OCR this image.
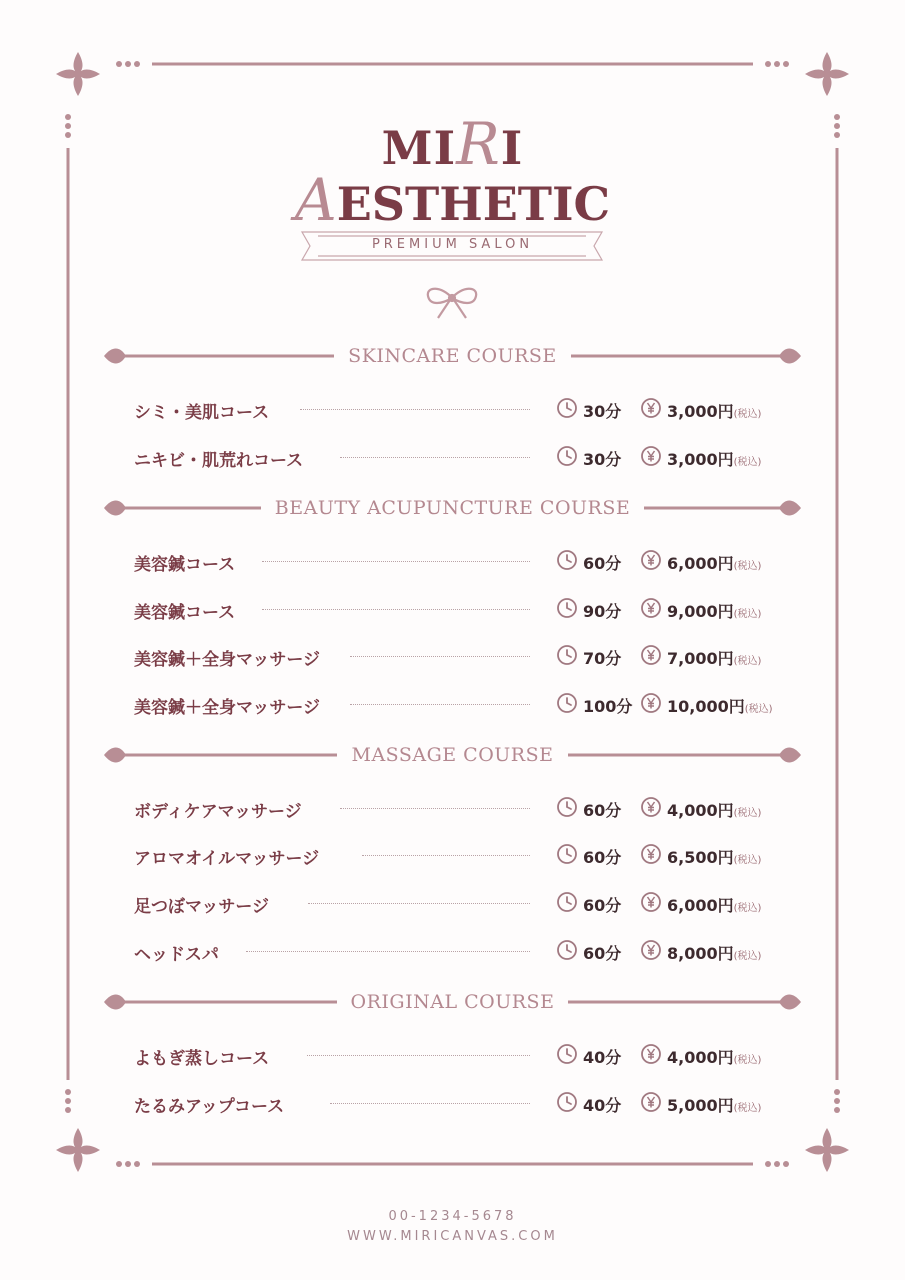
MIRI
AESTHETIC
PREMIUM SALON
SKINCARE COURSE
シミ・美肌コース	30分	3,000円(税込)
ニキビ・肌荒れコース	30分	3,000円(税込)
BEAUTY ACUPUNCTURE COURSE
美容鍼コース	60分	6,000円(税込)
美容鍼コース	90分	9,000円(税込)
美容鍼＋全身マッサージ	70分	7,000円(税込)
美容鍼＋全身マッサージ	100分 10,000円(税込)
MASSAGE COURSE
ボディケアマッサージ	60分	4,000円(税込)
アロマオイルマッサージ	60分	6,500円(税込)
足つぼマッサージ	60分	6,000円(税込)
ヘッドスパ	60分	8,000円(税込)
ORIGINAL COURSE
よもぎ蒸しコース	40分	4,000円(税込)
たるみアップコース	40分	5,000円(税込)
00-1234-5678
WWW.MIRICANVAS.COM
